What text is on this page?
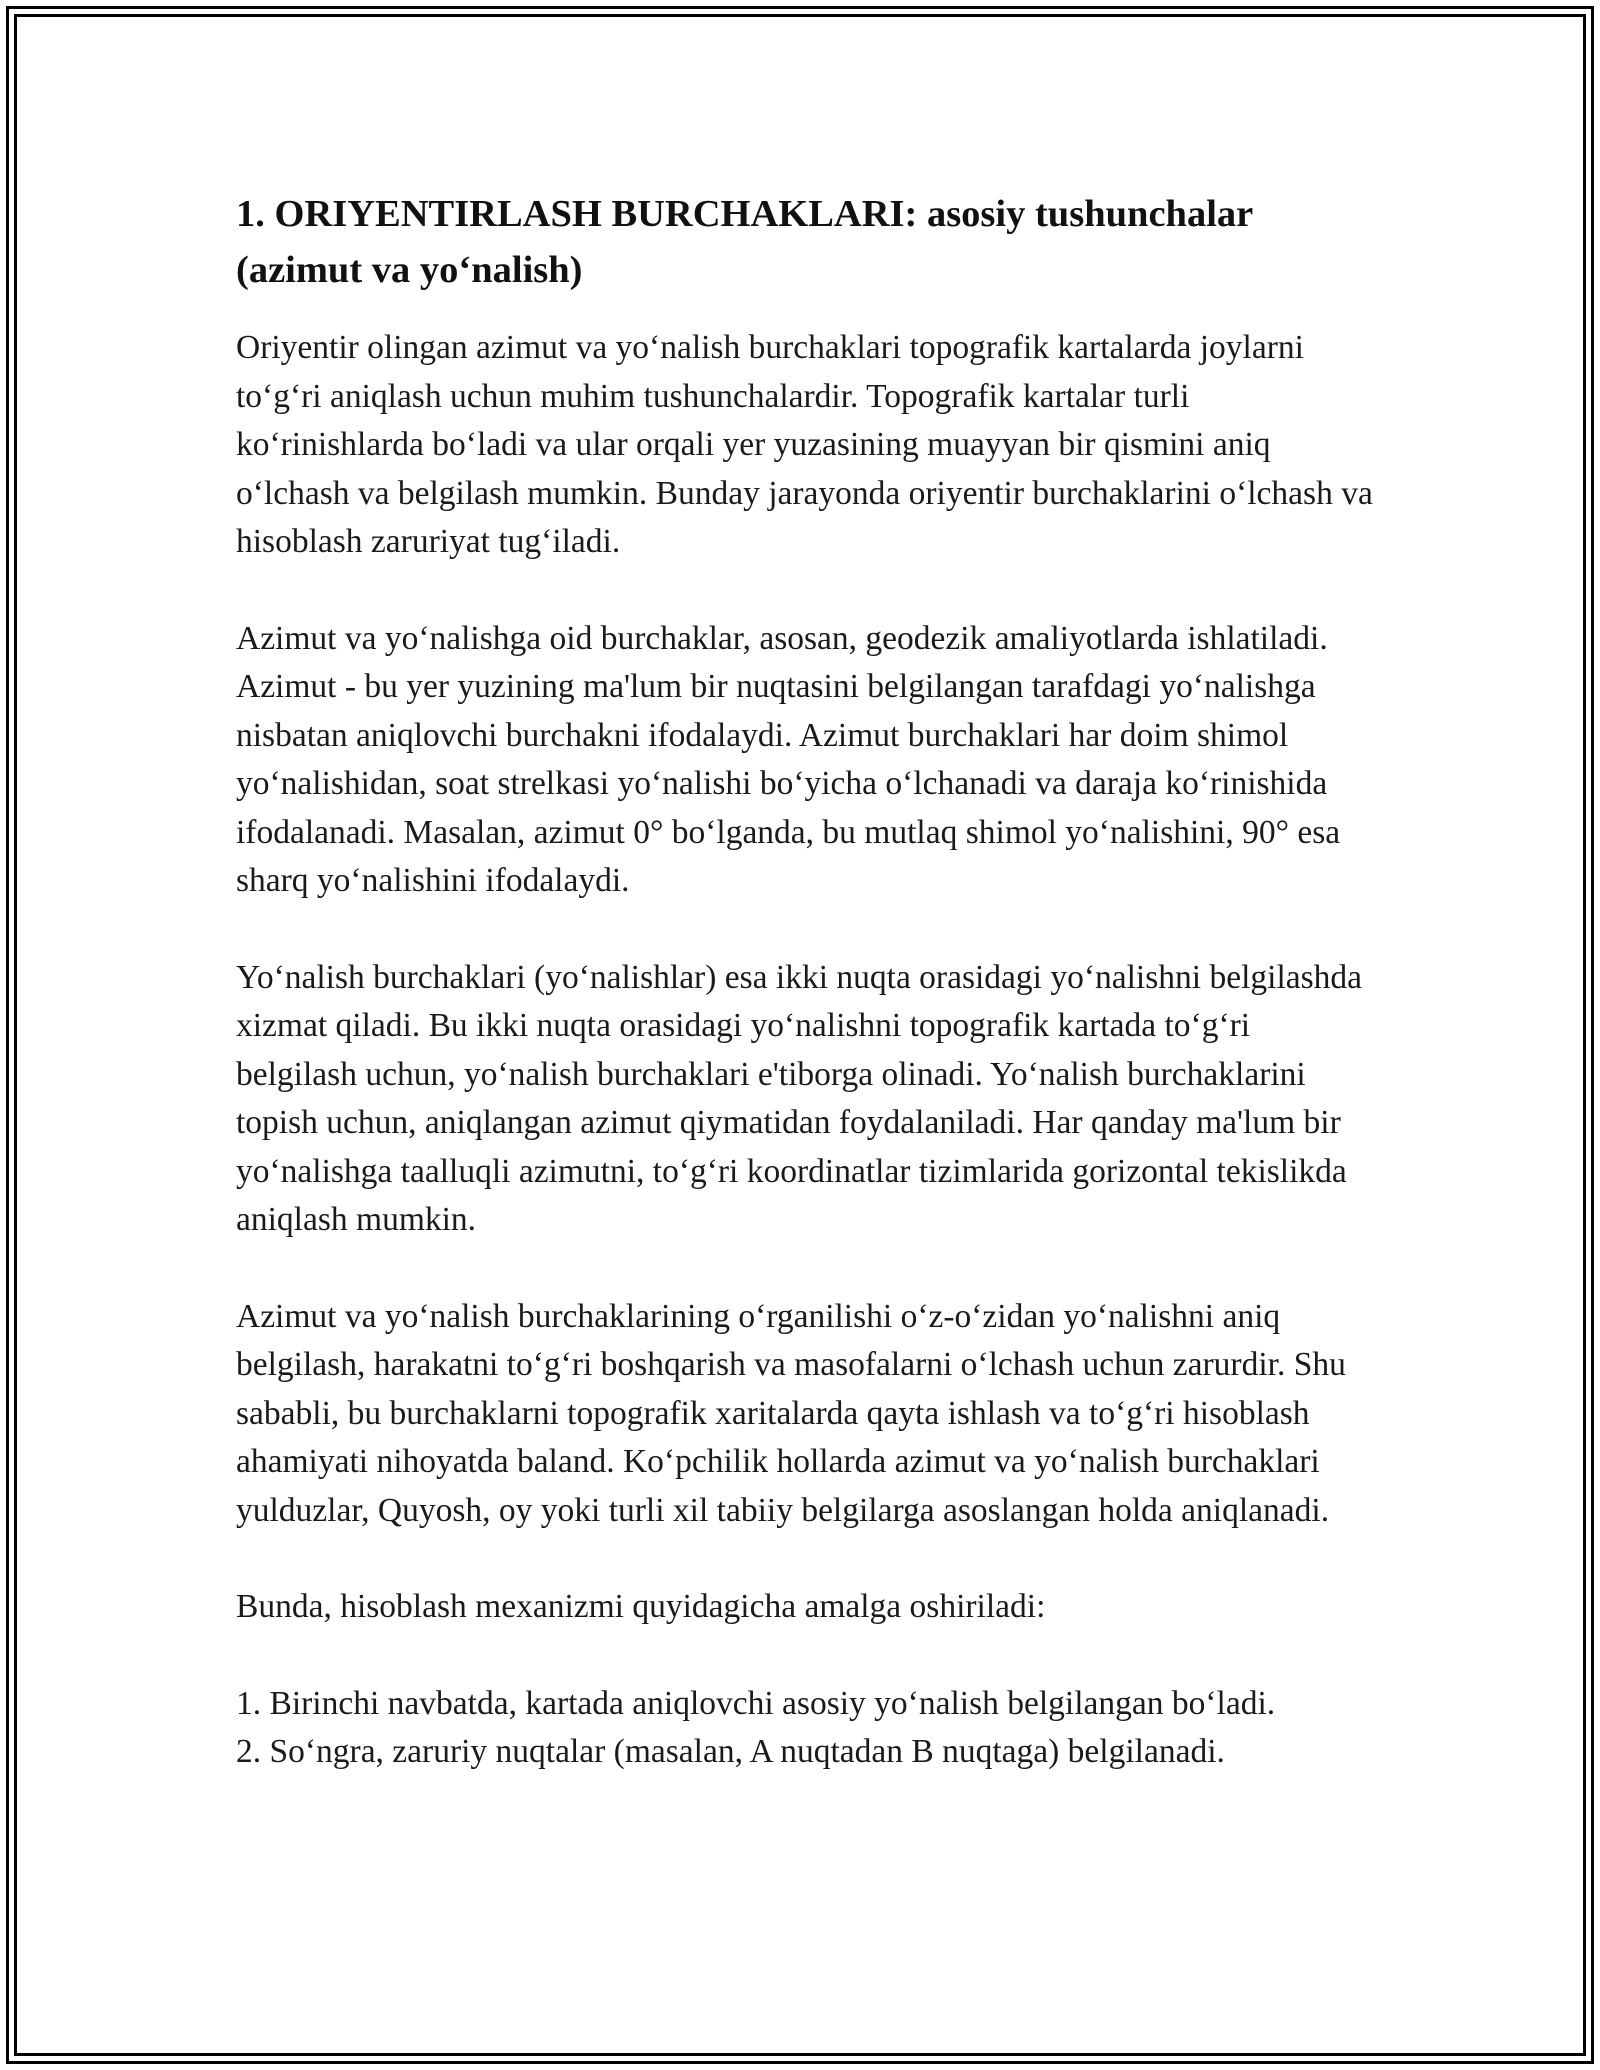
1. ORIYENTIRLASH BURCHAKLARI: asosiy tushunchalar (azimut va yo‘nalish)

Oriyentir olingan azimut va yo‘nalish burchaklari topografik kartalarda joylarni to‘g‘ri aniqlash uchun muhim tushunchalardir. Topografik kartalar turli ko‘rinishlarda bo‘ladi va ular orqali yer yuzasining muayyan bir qismini aniq o‘lchash va belgilash mumkin. Bunday jarayonda oriyentir burchaklarini o‘lchash va hisoblash zaruriyat tug‘iladi.

Azimut va yo‘nalishga oid burchaklar, asosan, geodezik amaliyotlarda ishlatiladi. Azimut - bu yer yuzining ma'lum bir nuqtasini belgilangan tarafdagi yo‘nalishga nisbatan aniqlovchi burchakni ifodalaydi. Azimut burchaklari har doim shimol yo‘nalishidan, soat strelkasi yo‘nalishi bo‘yicha o‘lchanadi va daraja ko‘rinishida ifodalanadi. Masalan, azimut 0° bo‘lganda, bu mutlaq shimol yo‘nalishini, 90° esa sharq yo‘nalishini ifodalaydi.

Yo‘nalish burchaklari (yo‘nalishlar) esa ikki nuqta orasidagi yo‘nalishni belgilashda xizmat qiladi. Bu ikki nuqta orasidagi yo‘nalishni topografik kartada to‘g‘ri belgilash uchun, yo‘nalish burchaklari e'tiborga olinadi. Yo‘nalish burchaklarini topish uchun, aniqlangan azimut qiymatidan foydalaniladi. Har qanday ma'lum bir yo‘nalishga taalluqli azimutni, to‘g‘ri koordinatlar tizimlarida gorizontal tekislikda aniqlash mumkin.

Azimut va yo‘nalish burchaklarining o‘rganilishi o‘z-o‘zidan yo‘nalishni aniq belgilash, harakatni to‘g‘ri boshqarish va masofalarni o‘lchash uchun zarurdir. Shu sababli, bu burchaklarni topografik xaritalarda qayta ishlash va to‘g‘ri hisoblash ahamiyati nihoyatda baland. Ko‘pchilik hollarda azimut va yo‘nalish burchaklari yulduzlar, Quyosh, oy yoki turli xil tabiiy belgilarga asoslangan holda aniqlanadi.

Bunda, hisoblash mexanizmi quyidagicha amalga oshiriladi:

1. Birinchi navbatda, kartada aniqlovchi asosiy yo‘nalish belgilangan bo‘ladi.
2. So‘ngra, zaruriy nuqtalar (masalan, A nuqtadan B nuqtaga) belgilanadi.
